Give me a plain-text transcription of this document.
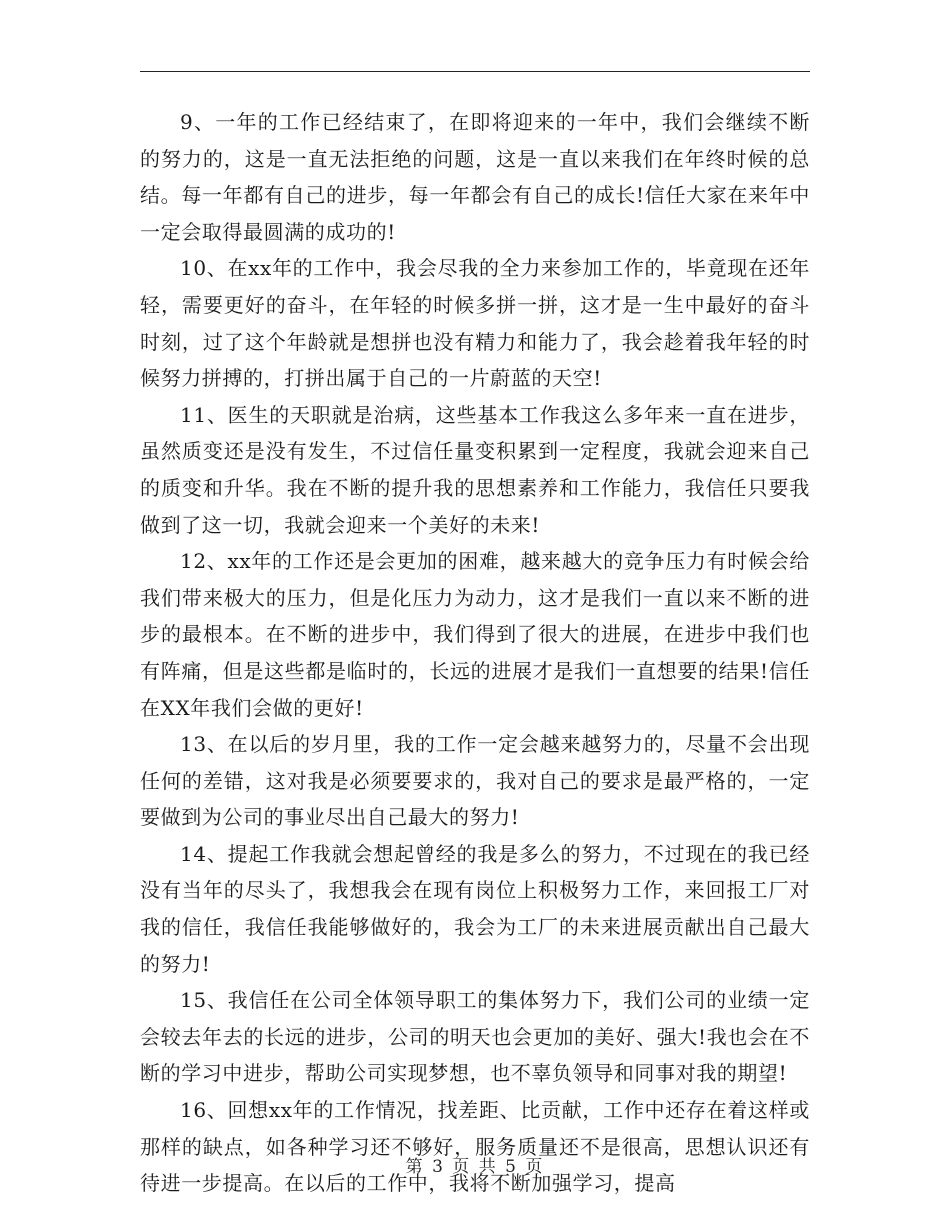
9、一年的工作已经结束了，在即将迎来的一年中，我们会继续不断的努力的，这是一直无法拒绝的问题，这是一直以来我们在年终时候的总结。每一年都有自己的进步，每一年都会有自己的成长!信任大家在来年中一定会取得最圆满的成功的!

10、在xx年的工作中，我会尽我的全力来参加工作的，毕竟现在还年轻，需要更好的奋斗，在年轻的时候多拼一拼，这才是一生中最好的奋斗时刻，过了这个年龄就是想拼也没有精力和能力了，我会趁着我年轻的时候努力拼搏的，打拼出属于自己的一片蔚蓝的天空!

11、医生的天职就是治病，这些基本工作我这么多年来一直在进步，虽然质变还是没有发生，不过信任量变积累到一定程度，我就会迎来自己的质变和升华。我在不断的提升我的思想素养和工作能力，我信任只要我做到了这一切，我就会迎来一个美好的未来!

12、xx年的工作还是会更加的困难，越来越大的竞争压力有时候会给我们带来极大的压力，但是化压力为动力，这才是我们一直以来不断的进步的最根本。在不断的进步中，我们得到了很大的进展，在进步中我们也有阵痛，但是这些都是临时的，长远的进展才是我们一直想要的结果!信任在XX年我们会做的更好!

13、在以后的岁月里，我的工作一定会越来越努力的，尽量不会出现任何的差错，这对我是必须要要求的，我对自己的要求是最严格的，一定要做到为公司的事业尽出自己最大的努力!

14、提起工作我就会想起曾经的我是多么的努力，不过现在的我已经没有当年的尽头了，我想我会在现有岗位上积极努力工作，来回报工厂对我的信任，我信任我能够做好的，我会为工厂的未来进展贡献出自己最大的努力!

15、我信任在公司全体领导职工的集体努力下，我们公司的业绩一定会较去年去的长远的进步，公司的明天也会更加的美好、强大!我也会在不断的学习中进步，帮助公司实现梦想，也不辜负领导和同事对我的期望!

16、回想xx年的工作情况，找差距、比贡献，工作中还存在着这样或那样的缺点，如各种学习还不够好，服务质量还不是很高，思想认识还有待进一步提高。在以后的工作中，我将不断加强学习，提高

第 3 页 共 5 页
